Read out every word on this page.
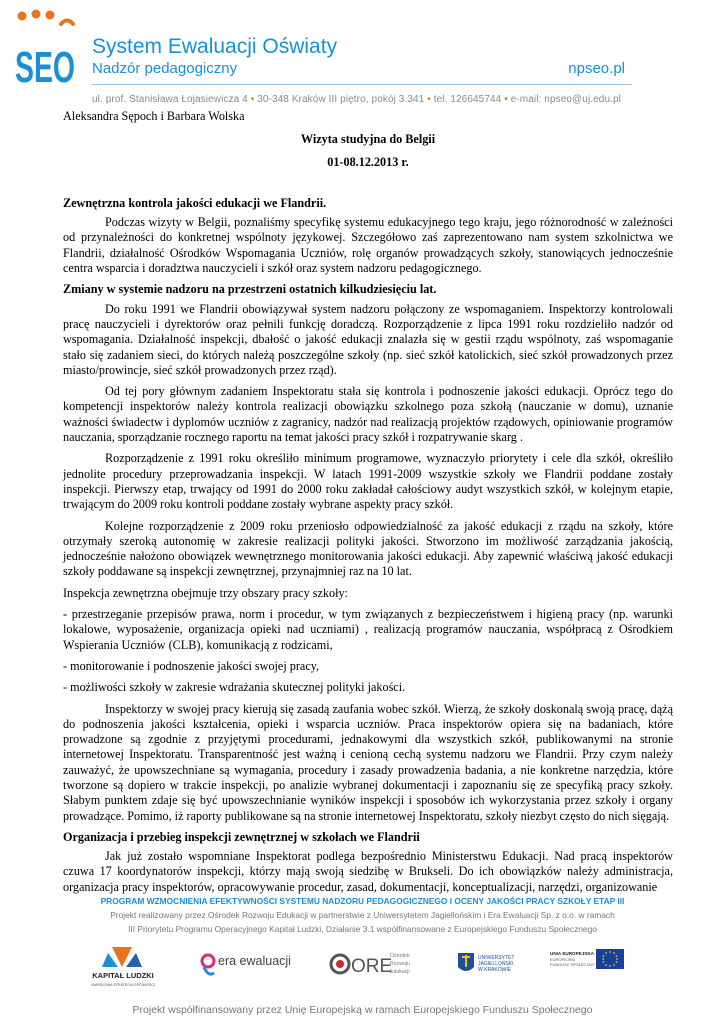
SEO System Ewaluacji Oświaty
Nadzór pedagogiczny	npseo.pl
ul. prof. Stanisława Łojasiewicza 4 • 30-348 Kraków III piętro, pokój 3.341 • tel. 126645744 • e-mail: npseo@uj.edu.pl

Aleksandra Sępoch i Barbara Wolska

Wizyta studyjna do Belgii

01-08.12.2013 r.

Zewnętrzna kontrola jakości edukacji we Flandrii.

Podczas wizyty w Belgii, poznaliśmy specyfikę systemu edukacyjnego tego kraju, jego różnorodność w zależności od przynależności do konkretnej wspólnoty językowej. Szczegółowo zaś zaprezentowano nam system szkolnictwa we Flandrii, działalność Ośrodków Wspomagania Uczniów, rolę organów prowadzących szkoły, stanowiących jednocześnie centra wsparcia i doradztwa nauczycieli i szkół oraz system nadzoru pedagogicznego.

Zmiany w systemie nadzoru na przestrzeni ostatnich kilkudziesięciu lat.

Do roku 1991 we Flandrii obowiązywał system nadzoru połączony ze wspomaganiem. Inspektorzy kontrolowali pracę nauczycieli i dyrektorów oraz pełnili funkcję doradczą. Rozporządzenie z lipca 1991 roku rozdzieliło nadzór od wspomagania. Działalność inspekcji, dbałość o jakość edukacji znalazła się w gestii rządu wspólnoty, zaś wspomaganie stało się zadaniem sieci, do których należą poszczególne szkoły (np. sieć szkół katolickich, sieć szkół prowadzonych przez miasto/prowincje, sieć szkół prowadzonych przez rząd).

Od tej pory głównym zadaniem Inspektoratu stała się kontrola i podnoszenie jakości edukacji. Oprócz tego do kompetencji inspektorów należy kontrola realizacji obowiązku szkolnego poza szkołą (nauczanie w domu), uznanie ważności świadectw i dyplomów uczniów z zagranicy, nadzór nad realizacją projektów rządowych, opiniowanie programów nauczania, sporządzanie rocznego raportu na temat jakości pracy szkół i rozpatrywanie skarg .

Rozporządzenie z 1991 roku określiło minimum programowe, wyznaczyło priorytety i cele dla szkół, określiło jednolite procedury przeprowadzania inspekcji. W latach 1991-2009 wszystkie szkoły we Flandrii poddane zostały inspekcji. Pierwszy etap, trwający od 1991 do 2000 roku zakładał całościowy audyt wszystkich szkół, w kolejnym etapie, trwającym do 2009 roku kontroli poddane zostały wybrane aspekty pracy szkół.

Kolejne rozporządzenie z 2009 roku przeniosło odpowiedzialność za jakość edukacji z rządu na szkoły, które otrzymały szeroką autonomię w zakresie realizacji polityki jakości. Stworzono im możliwość zarządzania jakością, jednocześnie nałożono obowiązek wewnętrznego monitorowania jakości edukacji. Aby zapewnić właściwą jakość edukacji szkoły poddawane są inspekcji zewnętrznej, przynajmniej raz na 10 lat.

Inspekcja zewnętrzna obejmuje trzy obszary pracy szkoły:

- przestrzeganie przepisów prawa, norm i procedur, w tym związanych z bezpieczeństwem i higieną pracy (np. warunki lokalowe, wyposażenie, organizacja opieki nad uczniami) , realizacją programów nauczania, współpracą z Ośrodkiem Wspierania Uczniów (CLB), komunikacją z rodzicami,

- monitorowanie i podnoszenie jakości swojej pracy,

- możliwości szkoły w zakresie wdrażania skutecznej polityki jakości.

Inspektorzy w swojej pracy kierują się zasadą zaufania wobec szkół. Wierzą, że szkoły doskonalą swoją pracę, dążą do podnoszenia jakości kształcenia, opieki i wsparcia uczniów. Praca inspektorów opiera się na badaniach, które prowadzone są zgodnie z przyjętymi procedurami, jednakowymi dla wszystkich szkół, publikowanymi na stronie internetowej Inspektoratu. Transparentność jest ważną i cenioną cechą systemu nadzoru we Flandrii. Przy czym należy zauważyć, że upowszechniane są wymagania, procedury i zasady prowadzenia badania, a nie konkretne narzędzia, które tworzone są dopiero w trakcie inspekcji, po analizie wybranej dokumentacji i zapoznaniu się ze specyfiką pracy szkoły. Słabym punktem zdaje się być upowszechnianie wyników inspekcji i sposobów ich wykorzystania przez szkoły i organy prowadzące. Pomimo, iż raporty publikowane są na stronie internetowej Inspektoratu, szkoły niezbyt często do nich sięgają.

Organizacja i przebieg inspekcji zewnętrznej w szkołach we Flandrii

Jak już zostało wspomniane Inspektorat podlega bezpośrednio Ministerstwu Edukacji. Nad pracą inspektorów czuwa 17 koordynatorów inspekcji, którzy mają swoją siedzibę w Brukseli. Do ich obowiązków należy administracja, organizacja pracy inspektorów, opracowywanie procedur, zasad, dokumentacji, konceptualizacji, narzędzi, organizowanie

PROGRAM WZMOCNIENIA EFEKTYWNOŚCI SYSTEMU NADZORU PEDAGOGICZNEGO I OCENY JAKOŚCI PRACY SZKOŁY ETAP III
Projekt realizowany przez Ośrodek Rozwoju Edukacji w partnerstwie z Uniwersytetem Jagiellońskim i Era Ewaluacji Sp. z o.o. w ramach
III Priorytetu Programu Operacyjnego Kapitał Ludzki, Działanie 3.1 współfinansowane z Europejskiego Funduszu Społecznego
KAPITAŁ LUDZKI
NARODOWA STRATEGIA SPÓJNOŚCI
era ewaluacji	ORE
Ośrodek
Rozwoju
Edukacji
UNIWERSYTET
JAGIELLOŃSKI
W KRAKOWIE
UNIA EUROPEJSKA
EUROPEJSKI
FUNDUSZ SPOŁECZNY
Projekt współfinansowany przez Unię Europejską w ramach Europejskiego Funduszu Społecznego
